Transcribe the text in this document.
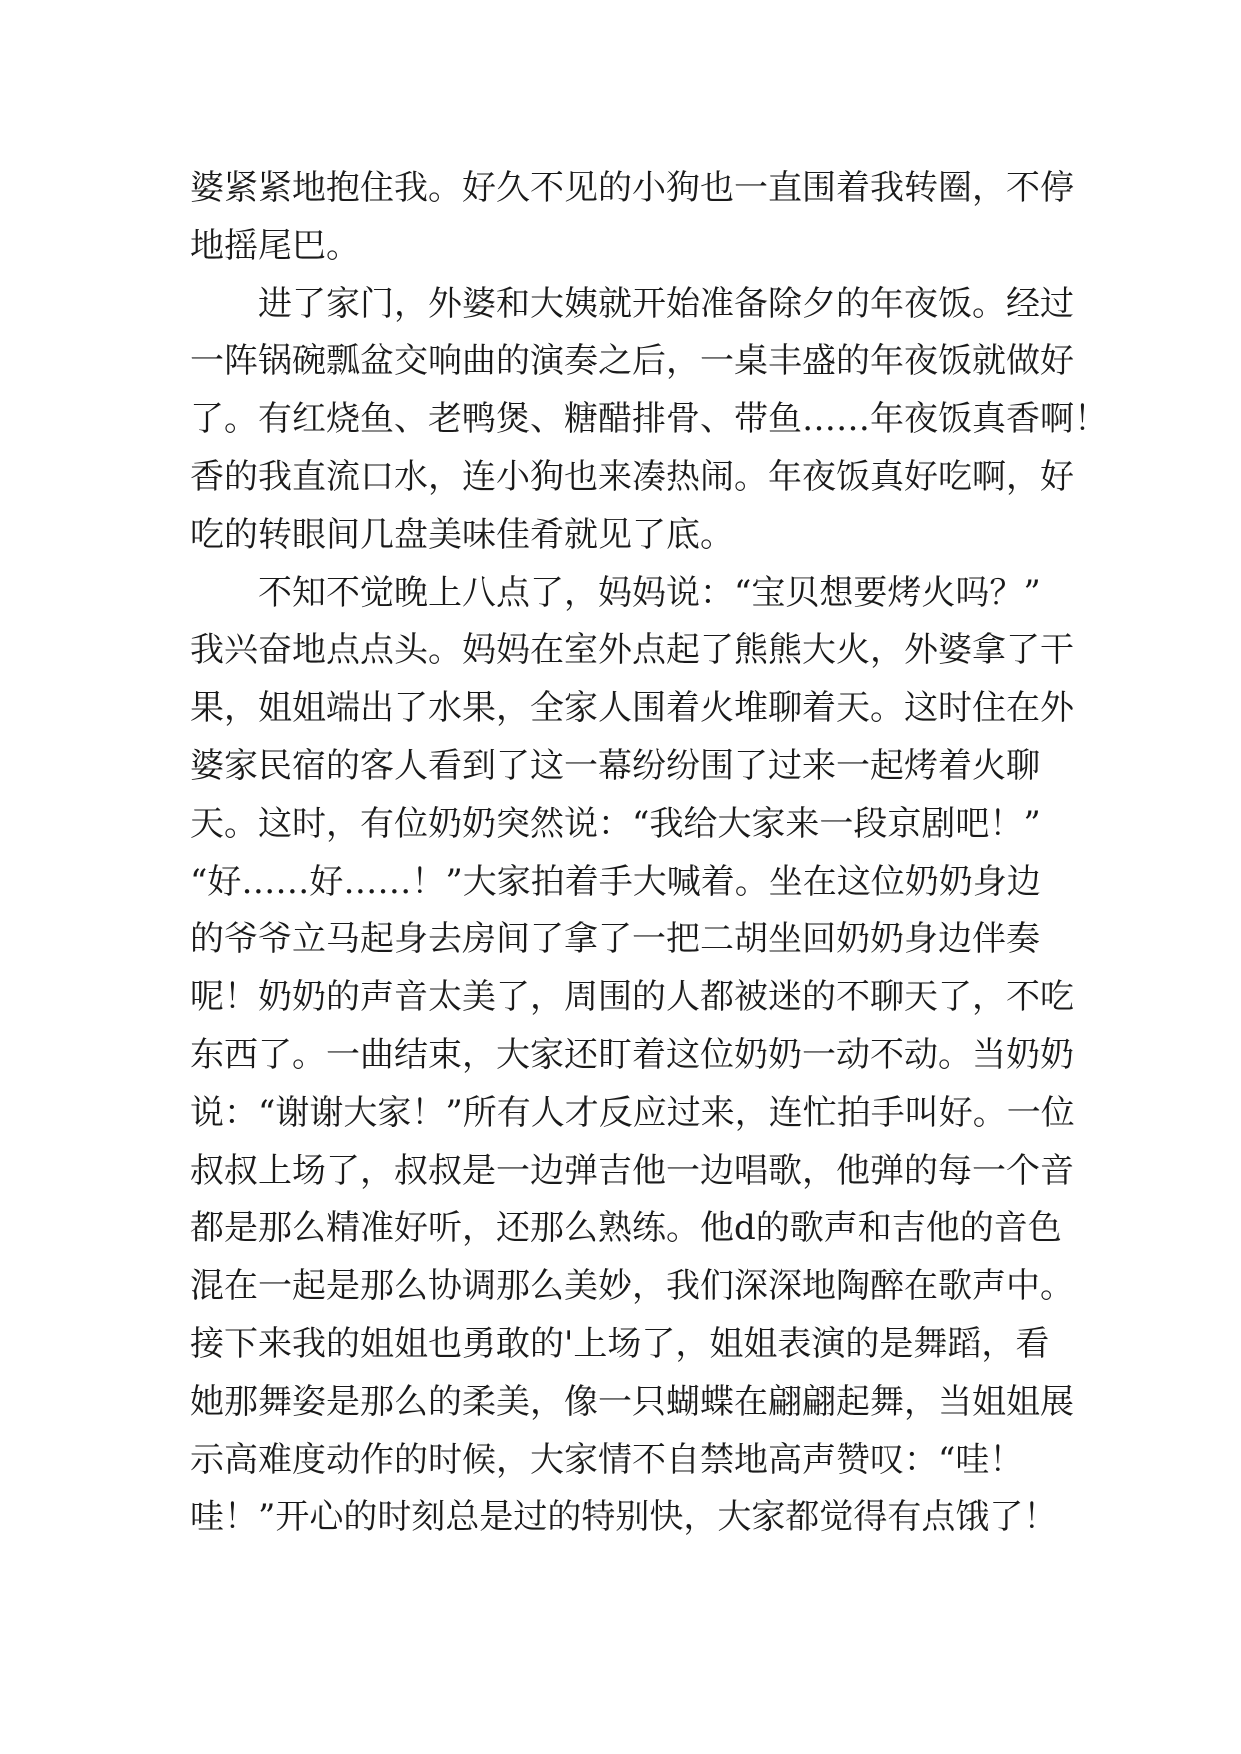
婆紧紧地抱住我。好久不见的小狗也一直围着我转圈，不停
地摇尾巴。
进了家门，外婆和大姨就开始准备除夕的年夜饭。经过
一阵锅碗瓢盆交响曲的演奏之后，一桌丰盛的年夜饭就做好
了。有红烧鱼、老鸭煲、糖醋排骨、带鱼……年夜饭真香啊！
香的我直流口水，连小狗也来凑热闹。年夜饭真好吃啊，好
吃的转眼间几盘美味佳肴就见了底。
不知不觉晚上八点了，妈妈说：“宝贝想要烤火吗？”
我兴奋地点点头。妈妈在室外点起了熊熊大火，外婆拿了干
果，姐姐端出了水果，全家人围着火堆聊着天。这时住在外
婆家民宿的客人看到了这一幕纷纷围了过来一起烤着火聊
天。这时，有位奶奶突然说：“我给大家来一段京剧吧！”
“好……好……！”大家拍着手大喊着。坐在这位奶奶身边
的爷爷立马起身去房间了拿了一把二胡坐回奶奶身边伴奏
呢！奶奶的声音太美了，周围的人都被迷的不聊天了，不吃
东西了。一曲结束，大家还盯着这位奶奶一动不动。当奶奶
说：“谢谢大家！”所有人才反应过来，连忙拍手叫好。一位
叔叔上场了，叔叔是一边弹吉他一边唱歌，他弹的每一个音
都是那么精准好听，还那么熟练。他d的歌声和吉他的音色
混在一起是那么协调那么美妙，我们深深地陶醉在歌声中。
接下来我的姐姐也勇敢的'上场了，姐姐表演的是舞蹈，看
她那舞姿是那么的柔美，像一只蝴蝶在翩翩起舞，当姐姐展
示高难度动作的时候，大家情不自禁地高声赞叹：“哇！
哇！”开心的时刻总是过的特别快，大家都觉得有点饿了！
